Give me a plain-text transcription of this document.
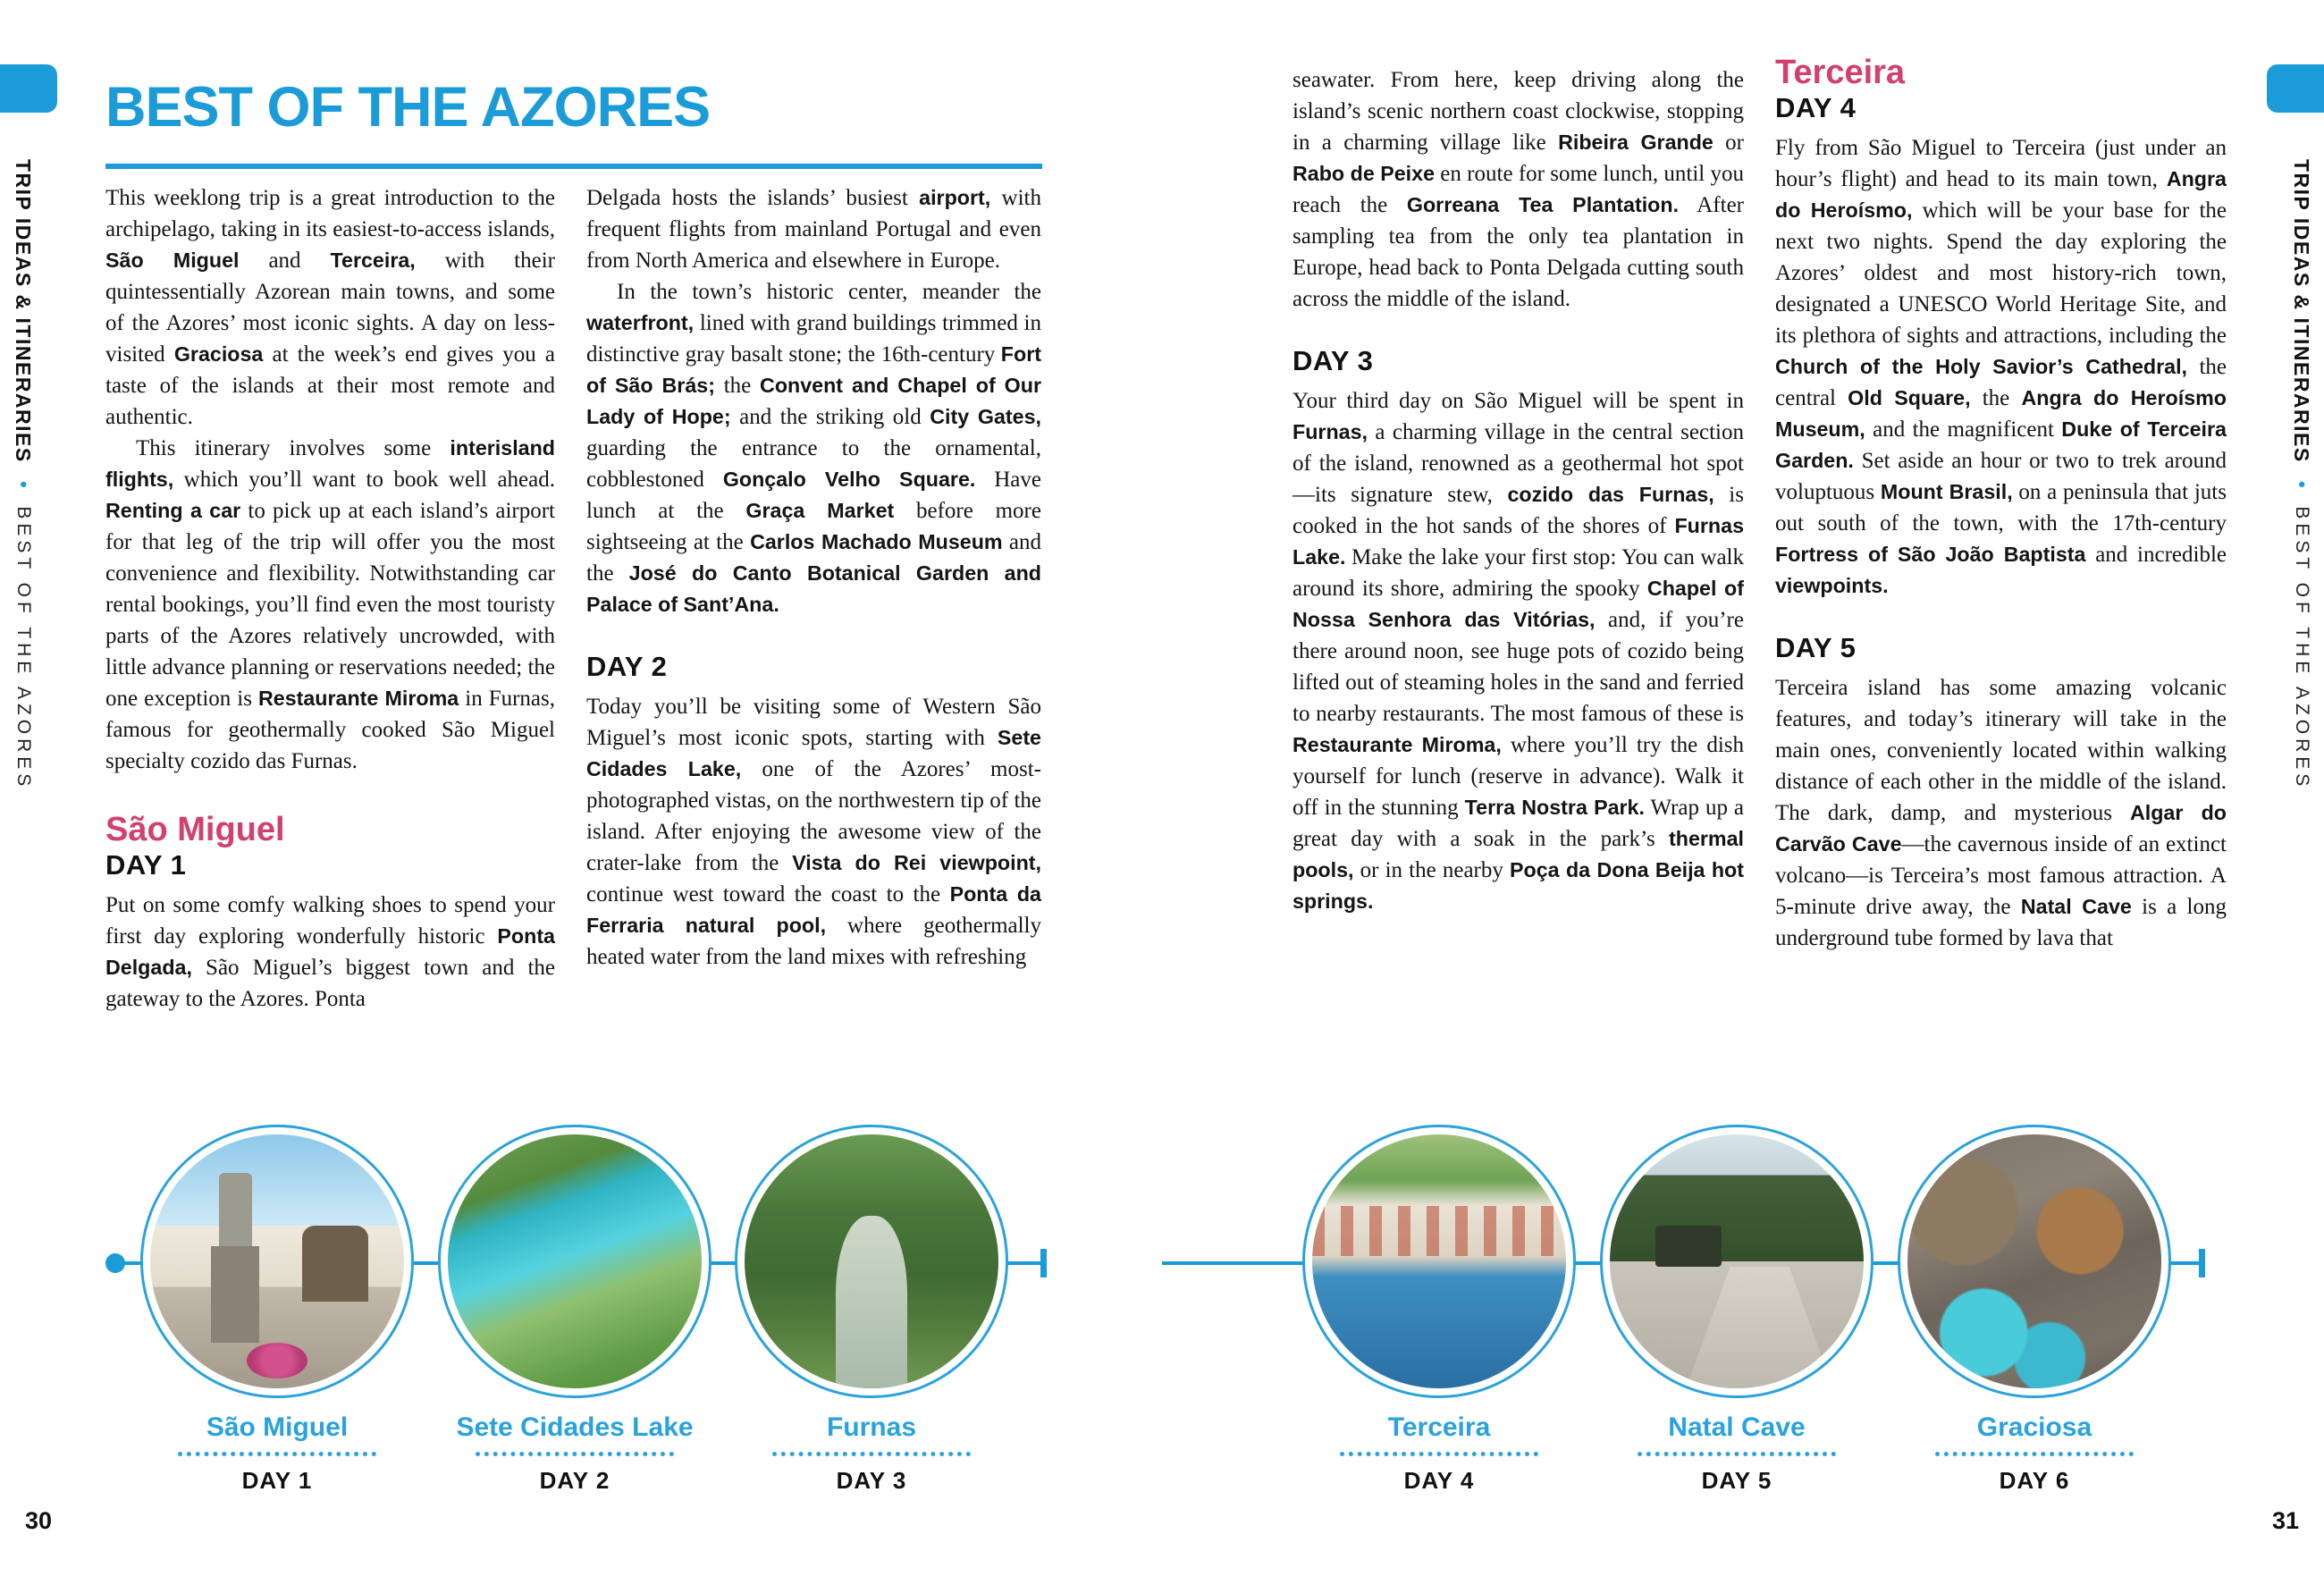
TRIP IDEAS & ITINERARIES • BEST OF THE AZORES
TRIP IDEAS & ITINERARIES • BEST OF THE AZORES
BEST OF THE AZORES

This weeklong trip is a great introduction to the archipelago, taking in its easiest-to-access islands, São Miguel and Terceira, with their quintessentially Azorean main towns, and some of the Azores’ most iconic sights. A day on less-visited Graciosa at the week’s end gives you a taste of the islands at their most remote and authentic.

This itinerary involves some interisland flights, which you’ll want to book well ahead. Renting a car to pick up at each island’s airport for that leg of the trip will offer you the most convenience and flexibility. Notwithstanding car rental bookings, you’ll find even the most touristy parts of the Azores relatively uncrowded, with little advance planning or reservations needed; the one exception is Restaurante Miroma in Furnas, famous for geothermally cooked São Miguel specialty cozido das Furnas.

São Miguel
DAY 1

Put on some comfy walking shoes to spend your first day exploring wonderfully historic Ponta Delgada, São Miguel’s biggest town and the gateway to the Azores. Ponta

Delgada hosts the islands’ busiest airport, with frequent flights from mainland Portugal and even from North America and elsewhere in Europe.

In the town’s historic center, meander the waterfront, lined with grand buildings trimmed in distinctive gray basalt stone; the 16th-century Fort of São Brás; the Convent and Chapel of Our Lady of Hope; and the striking old City Gates, guarding the entrance to the ornamental, cobblestoned Gonçalo Velho Square. Have lunch at the Graça Market before more sightseeing at the Carlos Machado Museum and the José do Canto Botanical Garden and Palace of Sant’Ana.

DAY 2

Today you’ll be visiting some of Western São Miguel’s most iconic spots, starting with Sete Cidades Lake, one of the Azores’ most-photographed vistas, on the northwestern tip of the island. After enjoying the awesome view of the crater-lake from the Vista do Rei viewpoint, continue west toward the coast to the Ponta da Ferraria natural pool, where geothermally heated water from the land mixes with refreshing

seawater. From here, keep driving along the island’s scenic northern coast clockwise, stopping in a charming village like Ribeira Grande or Rabo de Peixe en route for some lunch, until you reach the Gorreana Tea Plantation. After sampling tea from the only tea plantation in Europe, head back to Ponta Delgada cutting south across the middle of the island.

DAY 3

Your third day on São Miguel will be spent in Furnas, a charming village in the central section of the island, renowned as a geothermal hot spot—its signature stew, cozido das Furnas, is cooked in the hot sands of the shores of Furnas Lake. Make the lake your first stop: You can walk around its shore, admiring the spooky Chapel of Nossa Senhora das Vitórias, and, if you’re there around noon, see huge pots of cozido being lifted out of steaming holes in the sand and ferried to nearby restaurants. The most famous of these is Restaurante Miroma, where you’ll try the dish yourself for lunch (reserve in advance). Walk it off in the stunning Terra Nostra Park. Wrap up a great day with a soak in the park’s thermal pools, or in the nearby Poça da Dona Beija hot springs.

Terceira
DAY 4

Fly from São Miguel to Terceira (just under an hour’s flight) and head to its main town, Angra do Heroísmo, which will be your base for the next two nights. Spend the day exploring the Azores’ oldest and most history-rich town, designated a UNESCO World Heritage Site, and its plethora of sights and attractions, including the Church of the Holy Savior’s Cathedral, the central Old Square, the Angra do Heroísmo Museum, and the magnificent Duke of Terceira Garden. Set aside an hour or two to trek around voluptuous Mount Brasil, on a peninsula that juts out south of the town, with the 17th-century Fortress of São João Baptista and incredible viewpoints.

DAY 5

Terceira island has some amazing volcanic features, and today’s itinerary will take in the main ones, conveniently located within walking distance of each other in the middle of the island. The dark, damp, and mysterious Algar do Carvão Cave—the cavernous inside of an extinct volcano—is Terceira’s most famous attraction. A 5-minute drive away, the Natal Cave is a long underground tube formed by lava that

São Miguel
DAY 1
Sete Cidades Lake
DAY 2
Furnas
DAY 3
Terceira
DAY 4
Natal Cave
DAY 5
Graciosa
DAY 6
30	31
